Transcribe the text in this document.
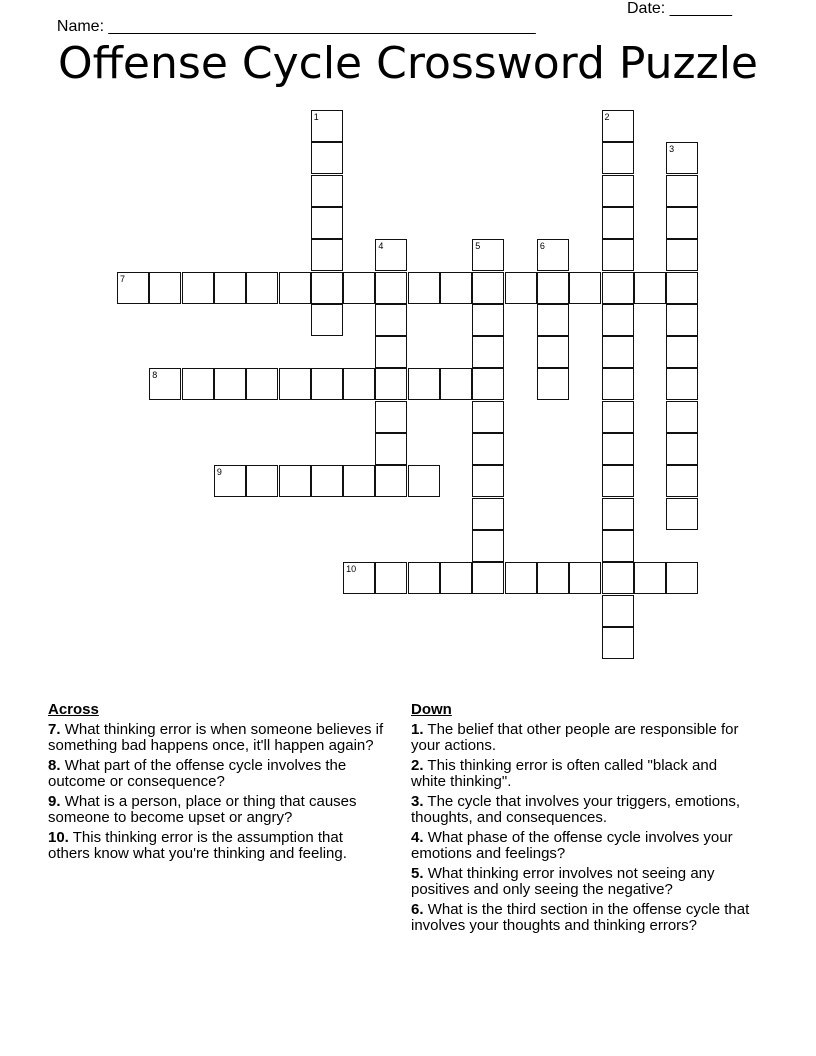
Name: ________________________________________________

Date: _______

Offense Cycle Crossword Puzzle
1	2
3
4	5	6
7
8
9
10
Across
7. What thinking error is when someone believes if something bad happens once, it'll happen again?
8. What part of the offense cycle involves the outcome or consequence?
9. What is a person, place or thing that causes someone to become upset or angry?
10. This thinking error is the assumption that others know what you're thinking and feeling.
Down
1. The belief that other people are responsible for your actions.
2. This thinking error is often called "black and white thinking".
3. The cycle that involves your triggers, emotions, thoughts, and consequences.
4. What phase of the offense cycle involves your emotions and feelings?
5. What thinking error involves not seeing any positives and only seeing the negative?
6. What is the third section in the offense cycle that involves your thoughts and thinking errors?
